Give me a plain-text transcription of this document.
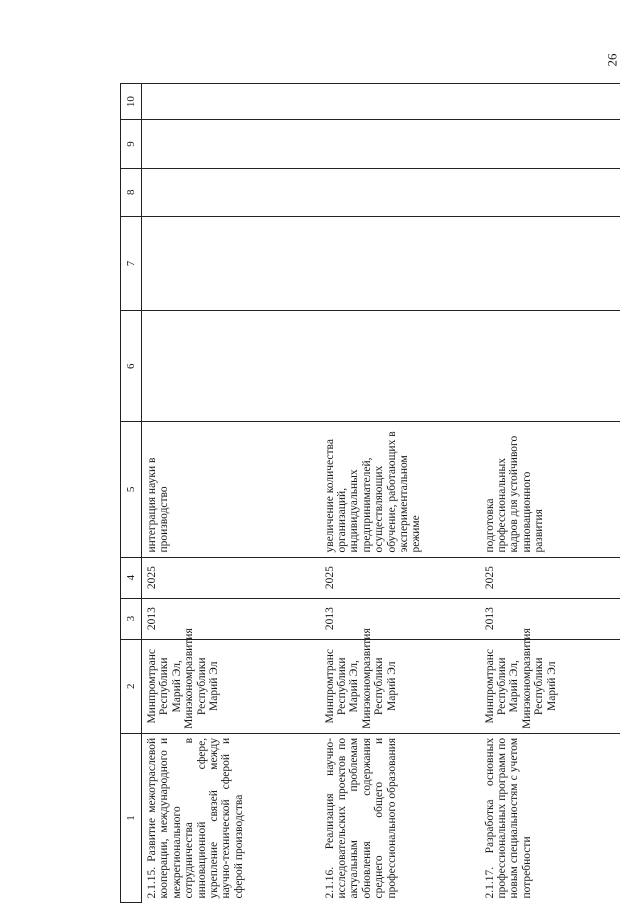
26
1	2	3	4	5	6	7	8	9	10
2.1.15. Развитие межотраслевой кооперации, международного и межрегионального сотрудничества в инновационной сфере, укрепление связей между научно-технической сферой и сферой производства	Минпромтранс Республики Марий Эл, Минэкономразвития Республики Марий Эл	2013	2025	интеграция науки в производство					
2.1.16. Реализация научно-исследовательских проектов по актуальным проблемам обновления содержания среднего общего и профессионального образования	Минпромтранс Республики Марий Эл, Минэкономразвития Республики Марий Эл	2013	2025	увеличение количества организаций, индивидуальных предпринимателей, осуществляющих обучение, работающих в экспериментальном режиме					
2.1.17. Разработка основных профессиональных программ по новым специальностям с учетом потребности	Минпромтранс Республики Марий Эл, Минэкономразвития Республики Марий Эл	2013	2025	подготовка профессиональных кадров для устойчивого инновационного развития					
